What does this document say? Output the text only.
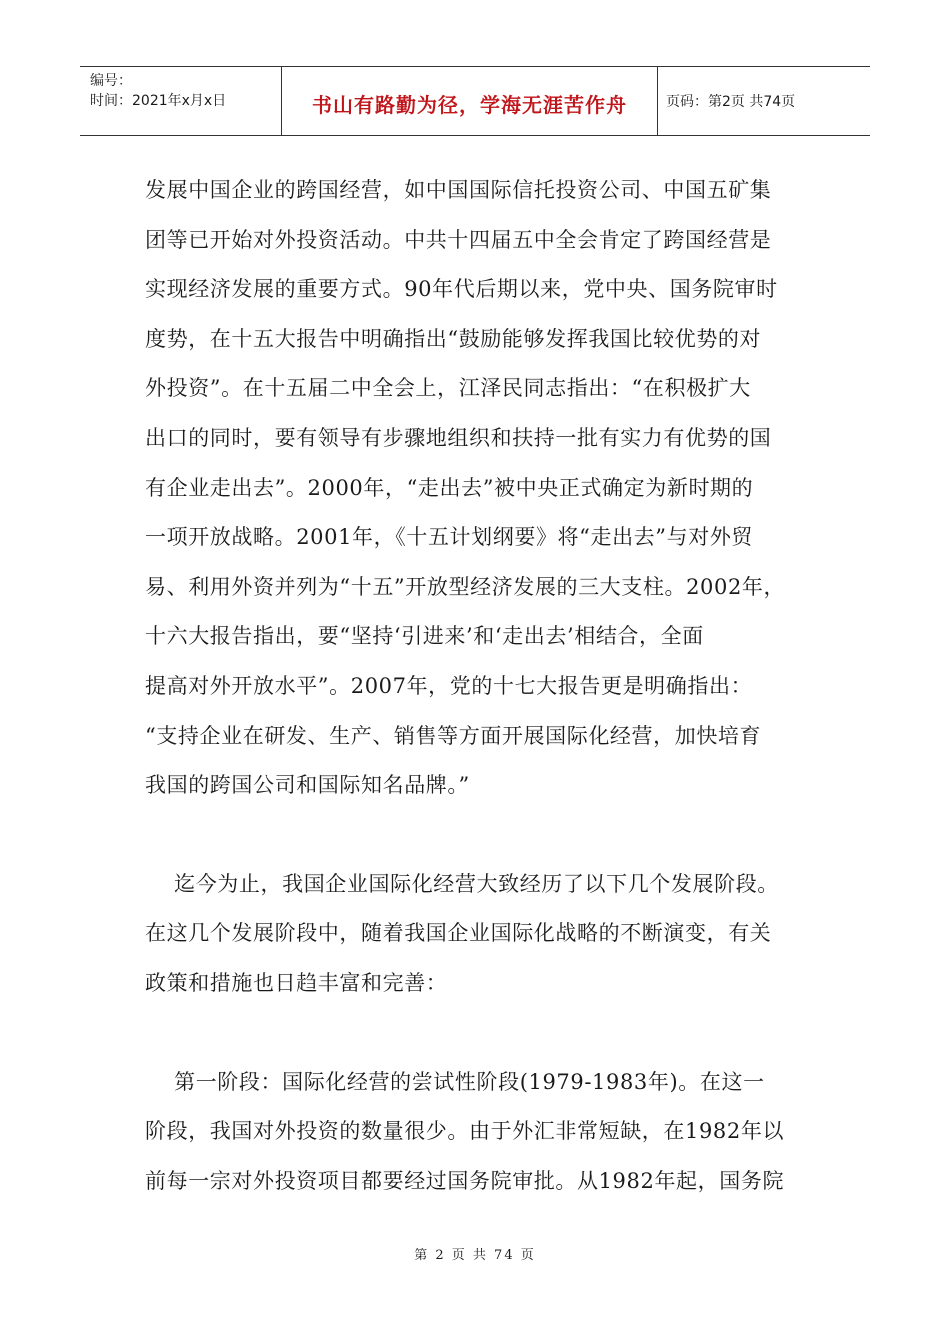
编号：
时间：2021年x月x日	书山有路勤为径，学海无涯苦作舟	页码：第2页 共74页

发展中国企业的跨国经营，如中国国际信托投资公司、中国五矿集
团等已开始对外投资活动。中共十四届五中全会肯定了跨国经营是
实现经济发展的重要方式。90年代后期以来，党中央、国务院审时
度势，在十五大报告中明确指出“鼓励能够发挥我国比较优势的对
外投资”。在十五届二中全会上，江泽民同志指出：“在积极扩大
出口的同时，要有领导有步骤地组织和扶持一批有实力有优势的国
有企业走出去”。2000年，“走出去”被中央正式确定为新时期的
一项开放战略。2001年，《十五计划纲要》将“走出去”与对外贸
易、利用外资并列为“十五”开放型经济发展的三大支柱。2002年，
十六大报告指出，要“坚持‘引进来’和‘走出去’相结合，全面
提高对外开放水平”。2007年，党的十七大报告更是明确指出：
“支持企业在研发、生产、销售等方面开展国际化经营，加快培育
我国的跨国公司和国际知名品牌。”

迄今为止，我国企业国际化经营大致经历了以下几个发展阶段。
在这几个发展阶段中，随着我国企业国际化战略的不断演变，有关
政策和措施也日趋丰富和完善：

第一阶段：国际化经营的尝试性阶段(1979-1983年)。在这一
阶段，我国对外投资的数量很少。由于外汇非常短缺，在1982年以
前每一宗对外投资项目都要经过国务院审批。从1982年起，国务院

第 2 页 共 74 页
